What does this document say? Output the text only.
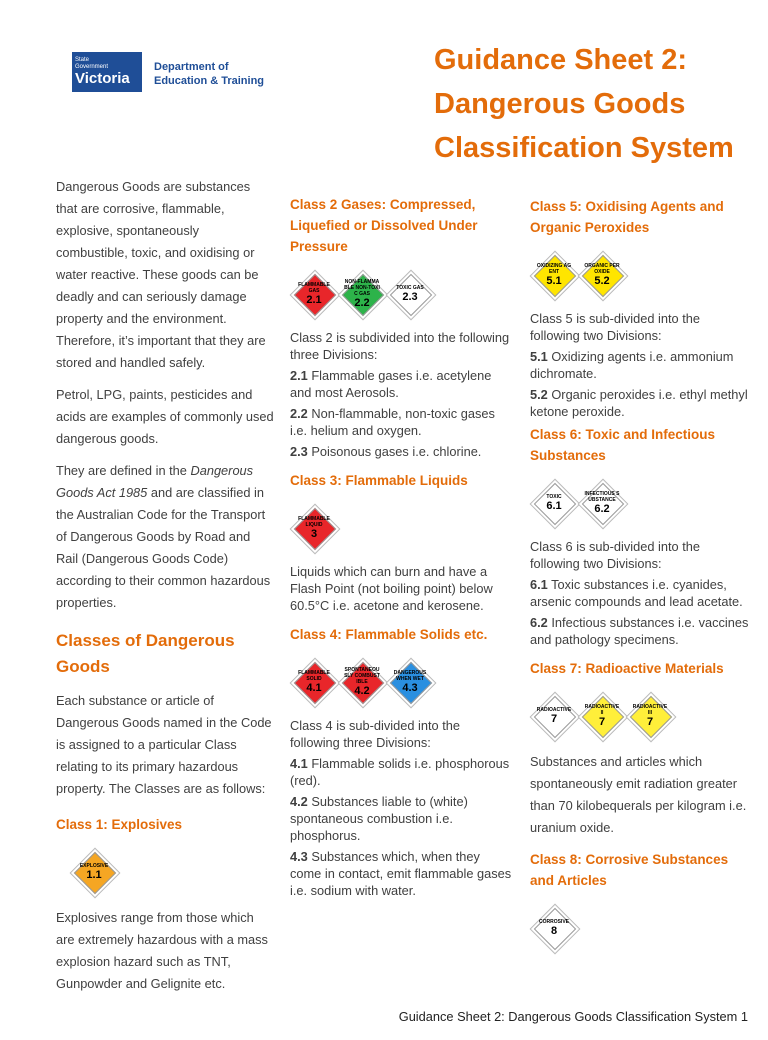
State
Government
Victoria
Department of
Education & Training
Guidance Sheet 2: Dangerous Goods Classification System
Dangerous Goods are substances that are corrosive, flammable, explosive, spontaneously combustible, toxic, and oxidising or water reactive. These goods can be deadly and can seriously damage property and the environment. Therefore, it’s important that they are stored and handled safely.
Petrol, LPG, paints, pesticides and acids are examples of commonly used dangerous goods.
They are defined in the Dangerous Goods Act 1985 and are classified in the Australian Code for the Transport of Dangerous Goods by Road and Rail (Dangerous Goods Code) according to their common hazardous properties.
Classes of Dangerous Goods
Each substance or article of Dangerous Goods named in the Code is assigned to a particular Class relating to its primary hazardous property. The Classes are as follows:
Class 1: Explosives
EXPLOSIVE
1.1
Explosives range from those which are extremely hazardous with a mass explosion hazard such as TNT, Gunpowder and Gelignite etc.
Class 2 Gases: Compressed, Liquefied or Dissolved Under Pressure
FLAMMABLE GAS
2.1
NON-FLAMMABLE NON-TOXIC GAS
2.2
TOXIC GAS
2.3
Class 2 is subdivided into the following three Divisions:
2.1 Flammable gases i.e. acetylene and most Aerosols.
2.2 Non-flammable, non-toxic gases i.e. helium and oxygen.
2.3 Poisonous gases i.e. chlorine.
Class 3: Flammable Liquids
FLAMMABLE LIQUID
3
Liquids which can burn and have a Flash Point (not boiling point) below 60.5°C i.e. acetone and kerosene.
Class 4: Flammable Solids etc.
FLAMMABLE SOLID
4.1
SPONTANEOUSLY COMBUSTIBLE
4.2
DANGEROUS WHEN WET
4.3
Class 4 is sub-divided into the following three Divisions:
4.1 Flammable solids i.e. phosphorous (red).
4.2 Substances liable to (white) spontaneous combustion i.e. phosphorus.
4.3 Substances which, when they come in contact, emit flammable gases i.e. sodium with water.
Class 5: Oxidising Agents and Organic Peroxides
OXIDIZING AGENT
5.1
ORGANIC PEROXIDE
5.2
Class 5 is sub-divided into the following two Divisions:
5.1 Oxidizing agents i.e. ammonium dichromate.
5.2 Organic peroxides i.e. ethyl methyl ketone peroxide.
Class 6: Toxic and Infectious Substances
TOXIC
6.1
INFECTIOUS SUBSTANCE
6.2
Class 6 is sub-divided into the following two Divisions:
6.1 Toxic substances i.e. cyanides, arsenic compounds and lead acetate.
6.2 Infectious substances i.e. vaccines and pathology specimens.
Class 7: Radioactive Materials
RADIOACTIVE
7
RADIOACTIVE II
7
RADIOACTIVE III
7
Substances and articles which spontaneously emit radiation greater than 70 kilobequerals per kilogram i.e. uranium oxide.
Class 8: Corrosive Substances and Articles
CORROSIVE
8
Guidance Sheet 2: Dangerous Goods Classification System 1
